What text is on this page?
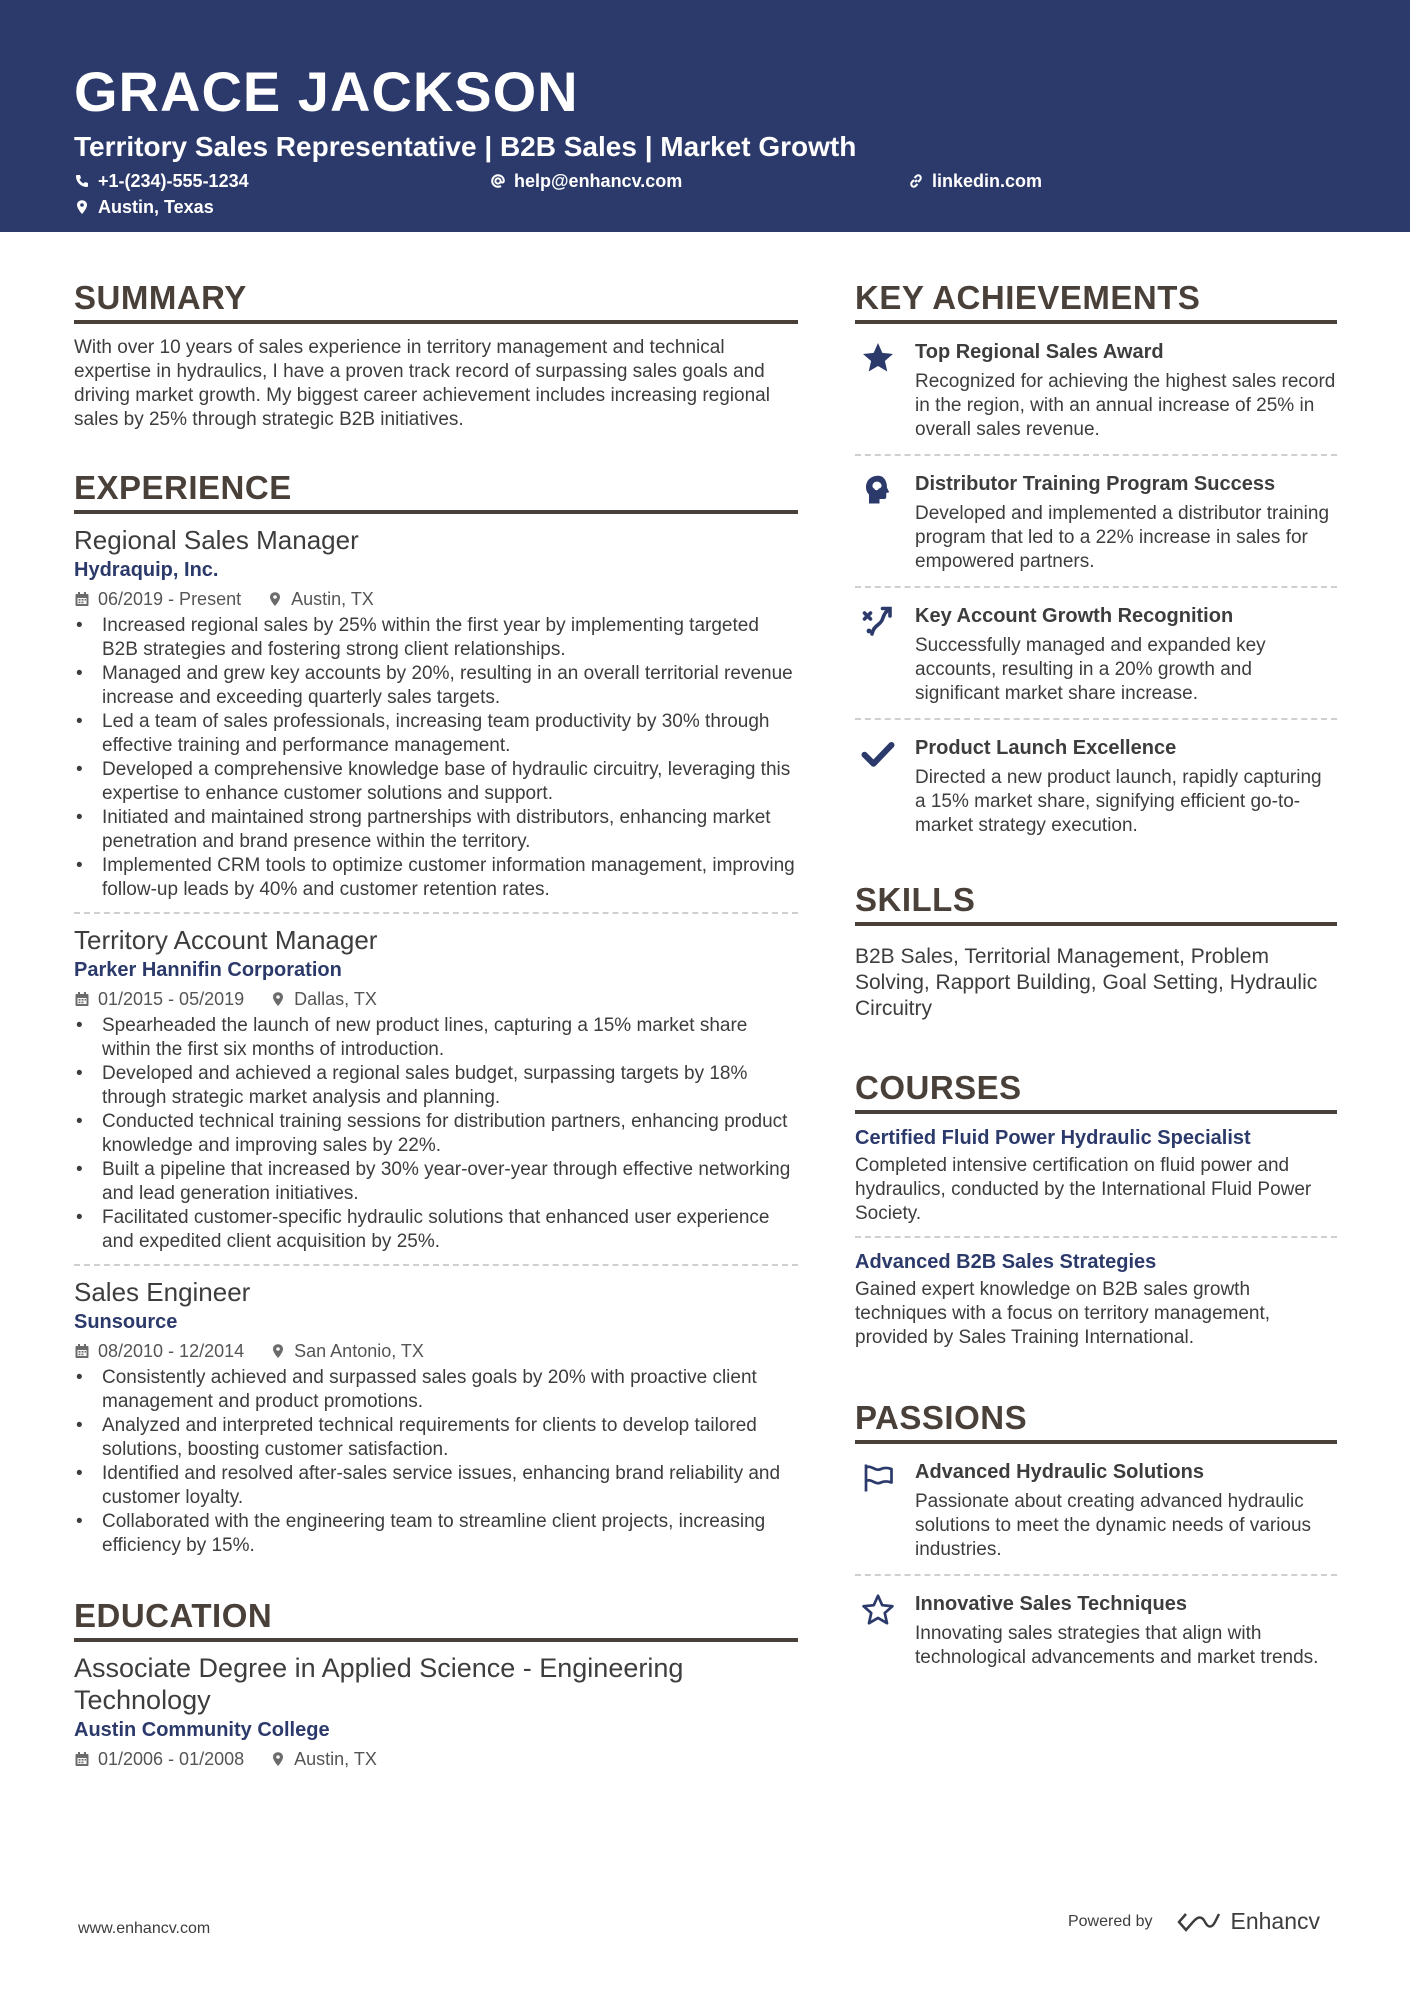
GRACE JACKSON
Territory Sales Representative | B2B Sales | Market Growth
+1-(234)-555-1234	help@enhancv.com	linkedin.com
Austin, Texas
SUMMARY
With over 10 years of sales experience in territory management and technical expertise in hydraulics, I have a proven track record of surpassing sales goals and driving market growth. My biggest career achievement includes increasing regional sales by 25% through strategic B2B initiatives.
EXPERIENCE
Regional Sales Manager
Hydraquip, Inc.
06/2019 - Present	Austin, TX
• Increased regional sales by 25% within the first year by implementing targeted B2B strategies and fostering strong client relationships.
• Managed and grew key accounts by 20%, resulting in an overall territorial revenue increase and exceeding quarterly sales targets.
• Led a team of sales professionals, increasing team productivity by 30% through effective training and performance management.
• Developed a comprehensive knowledge base of hydraulic circuitry, leveraging this expertise to enhance customer solutions and support.
• Initiated and maintained strong partnerships with distributors, enhancing market penetration and brand presence within the territory.
• Implemented CRM tools to optimize customer information management, improving follow-up leads by 40% and customer retention rates.
Territory Account Manager
Parker Hannifin Corporation
01/2015 - 05/2019	Dallas, TX
• Spearheaded the launch of new product lines, capturing a 15% market share within the first six months of introduction.
• Developed and achieved a regional sales budget, surpassing targets by 18% through strategic market analysis and planning.
• Conducted technical training sessions for distribution partners, enhancing product knowledge and improving sales by 22%.
• Built a pipeline that increased by 30% year-over-year through effective networking and lead generation initiatives.
• Facilitated customer-specific hydraulic solutions that enhanced user experience and expedited client acquisition by 25%.
Sales Engineer
Sunsource
08/2010 - 12/2014	San Antonio, TX
• Consistently achieved and surpassed sales goals by 20% with proactive client management and product promotions.
• Analyzed and interpreted technical requirements for clients to develop tailored solutions, boosting customer satisfaction.
• Identified and resolved after-sales service issues, enhancing brand reliability and customer loyalty.
• Collaborated with the engineering team to streamline client projects, increasing efficiency by 15%.
EDUCATION
Associate Degree in Applied Science - Engineering Technology
Austin Community College
01/2006 - 01/2008	Austin, TX
KEY ACHIEVEMENTS
Top Regional Sales Award
Recognized for achieving the highest sales record in the region, with an annual increase of 25% in overall sales revenue.
Distributor Training Program Success
Developed and implemented a distributor training program that led to a 22% increase in sales for empowered partners.
Key Account Growth Recognition
Successfully managed and expanded key accounts, resulting in a 20% growth and significant market share increase.
Product Launch Excellence
Directed a new product launch, rapidly capturing a 15% market share, signifying efficient go-to-market strategy execution.
SKILLS
B2B Sales, Territorial Management, Problem Solving, Rapport Building, Goal Setting, Hydraulic Circuitry
COURSES
Certified Fluid Power Hydraulic Specialist
Completed intensive certification on fluid power and hydraulics, conducted by the International Fluid Power Society.
Advanced B2B Sales Strategies
Gained expert knowledge on B2B sales growth techniques with a focus on territory management, provided by Sales Training International.
PASSIONS
Advanced Hydraulic Solutions
Passionate about creating advanced hydraulic solutions to meet the dynamic needs of various industries.
Innovative Sales Techniques
Innovating sales strategies that align with technological advancements and market trends.
www.enhancv.com	Powered by	Enhancv
